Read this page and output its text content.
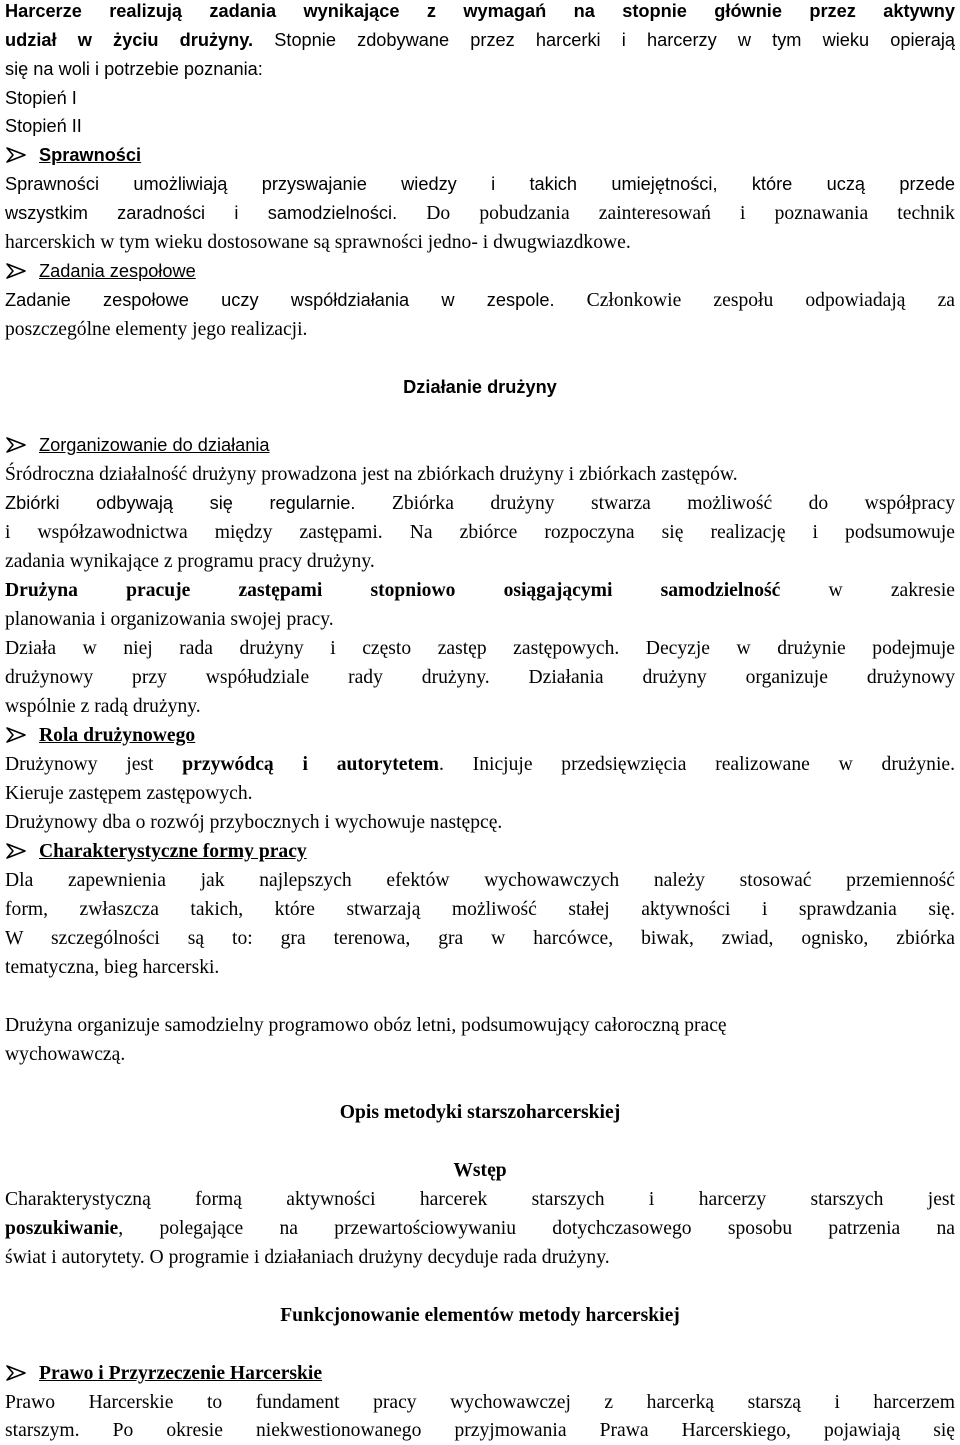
Harcerze realizują zadania wynikające z wymagań na stopnie głównie przez aktywny
udział w życiu drużyny. Stopnie zdobywane przez harcerki i harcerzy w tym wieku opierają
się na woli i potrzebie poznania:
Stopień I
Stopień II
Sprawności
Sprawności umożliwiają przyswajanie wiedzy i takich umiejętności, które uczą przede
wszystkim zaradności i samodzielności. Do pobudzania zainteresowań i poznawania technik
harcerskich w tym wieku dostosowane są sprawności jedno- i dwugwiazdkowe.
Zadania zespołowe
Zadanie zespołowe uczy współdziałania w zespole. Członkowie zespołu odpowiadają za
poszczególne elementy jego realizacji.
Działanie drużyny
Zorganizowanie do działania
Śródroczna działalność drużyny prowadzona jest na zbiórkach drużyny i zbiórkach zastępów.
Zbiórki odbywają się regularnie. Zbiórka drużyny stwarza możliwość do współpracy
i współzawodnictwa między zastępami. Na zbiórce rozpoczyna się realizację i podsumowuje
zadania wynikające z programu pracy drużyny.
Drużyna pracuje zastępami stopniowo osiągającymi samodzielność w zakresie
planowania i organizowania swojej pracy.
Działa w niej rada drużyny i często zastęp zastępowych. Decyzje w drużynie podejmuje
drużynowy przy współudziale rady drużyny. Działania drużyny organizuje drużynowy
wspólnie z radą drużyny.
Rola drużynowego
Drużynowy jest przywódcą i autorytetem. Inicjuje przedsięwzięcia realizowane w drużynie.
Kieruje zastępem zastępowych.
Drużynowy dba o rozwój przybocznych i wychowuje następcę.
Charakterystyczne formy pracy
Dla zapewnienia jak najlepszych efektów wychowawczych należy stosować przemienność
form, zwłaszcza takich, które stwarzają możliwość stałej aktywności i sprawdzania się.
W szczególności są to: gra terenowa, gra w harcówce, biwak, zwiad, ognisko, zbiórka
tematyczna, bieg harcerski.
Drużyna organizuje samodzielny programowo obóz letni, podsumowujący całoroczną pracę
wychowawczą.
Opis metodyki starszoharcerskiej
Wstęp
Charakterystyczną formą aktywności harcerek starszych i harcerzy starszych jest
poszukiwanie, polegające na przewartościowywaniu dotychczasowego sposobu patrzenia na
świat i autorytety. O programie i działaniach drużyny decyduje rada drużyny.
Funkcjonowanie elementów metody harcerskiej
Prawo i Przyrzeczenie Harcerskie
Prawo Harcerskie to fundament pracy wychowawczej z harcerką starszą i harcerzem
starszym. Po okresie niekwestionowanego przyjmowania Prawa Harcerskiego, pojawiają się
